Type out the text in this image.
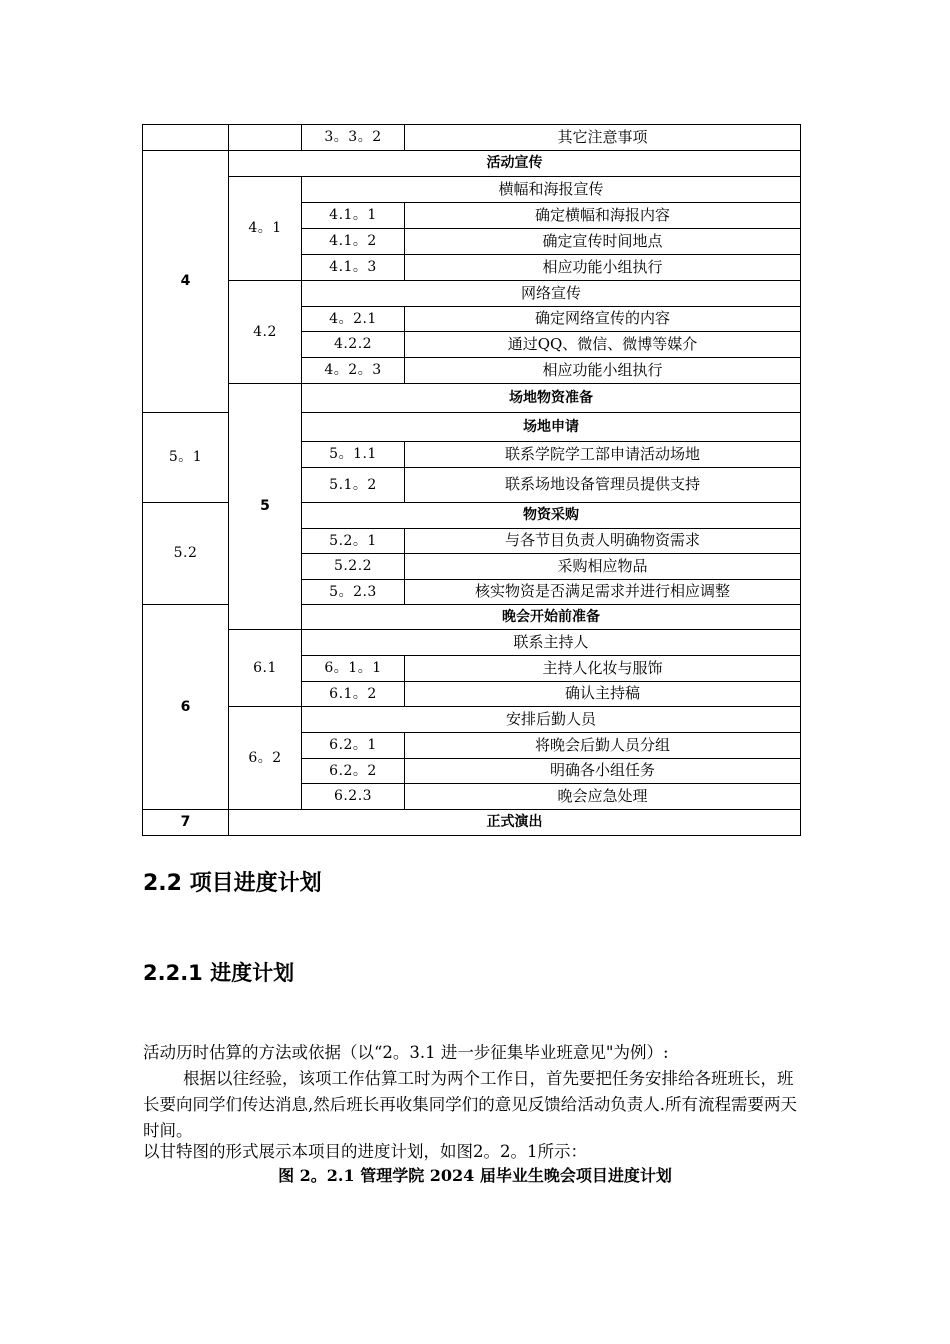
		3。3。2	其它注意事项
4	活动宣传		
	4。1	横幅和海报宣传	
		4.1。1	确定横幅和海报内容
		4.1。2	确定宣传时间地点
		4.1。3	相应功能小组执行
	4.2	网络宣传	
		4。2.1	确定网络宣传的内容
		4.2.2	通过QQ、微信、微博等媒介
		4。2。3	相应功能小组执行
	5	场地物资准备	
5。1		场地申请	
		5。1.1	联系学院学工部申请活动场地
		5.1。2	联系场地设备管理员提供支持
5.2		物资采购	
		5.2。1	与各节目负责人明确物资需求
		5.2.2	采购相应物品
		5。2.3	核实物资是否满足需求并进行相应调整
6		晚会开始前准备	
	6.1	联系主持人	
		6。1。1	主持人化妆与服饰
		6.1。2	确认主持稿
	6。2	安排后勤人员	
		6.2。1	将晚会后勤人员分组
		6.2。2	明确各小组任务
		6.2.3	晚会应急处理
7	正式演出		
2.2 项目进度计划
2.2.1 进度计划
活动历时估算的方法或依据（以“2。3.1 进一步征集毕业班意见"为例）:
根据以往经验，该项工作估算工时为两个工作日，首先要把任务安排给各班班长，班长要向同学们传达消息,然后班长再收集同学们的意见反馈给活动负责人.所有流程需要两天时间。
以甘特图的形式展示本项目的进度计划，如图2。2。1所示：
图 2。2.1 管理学院 2024 届毕业生晚会项目进度计划
